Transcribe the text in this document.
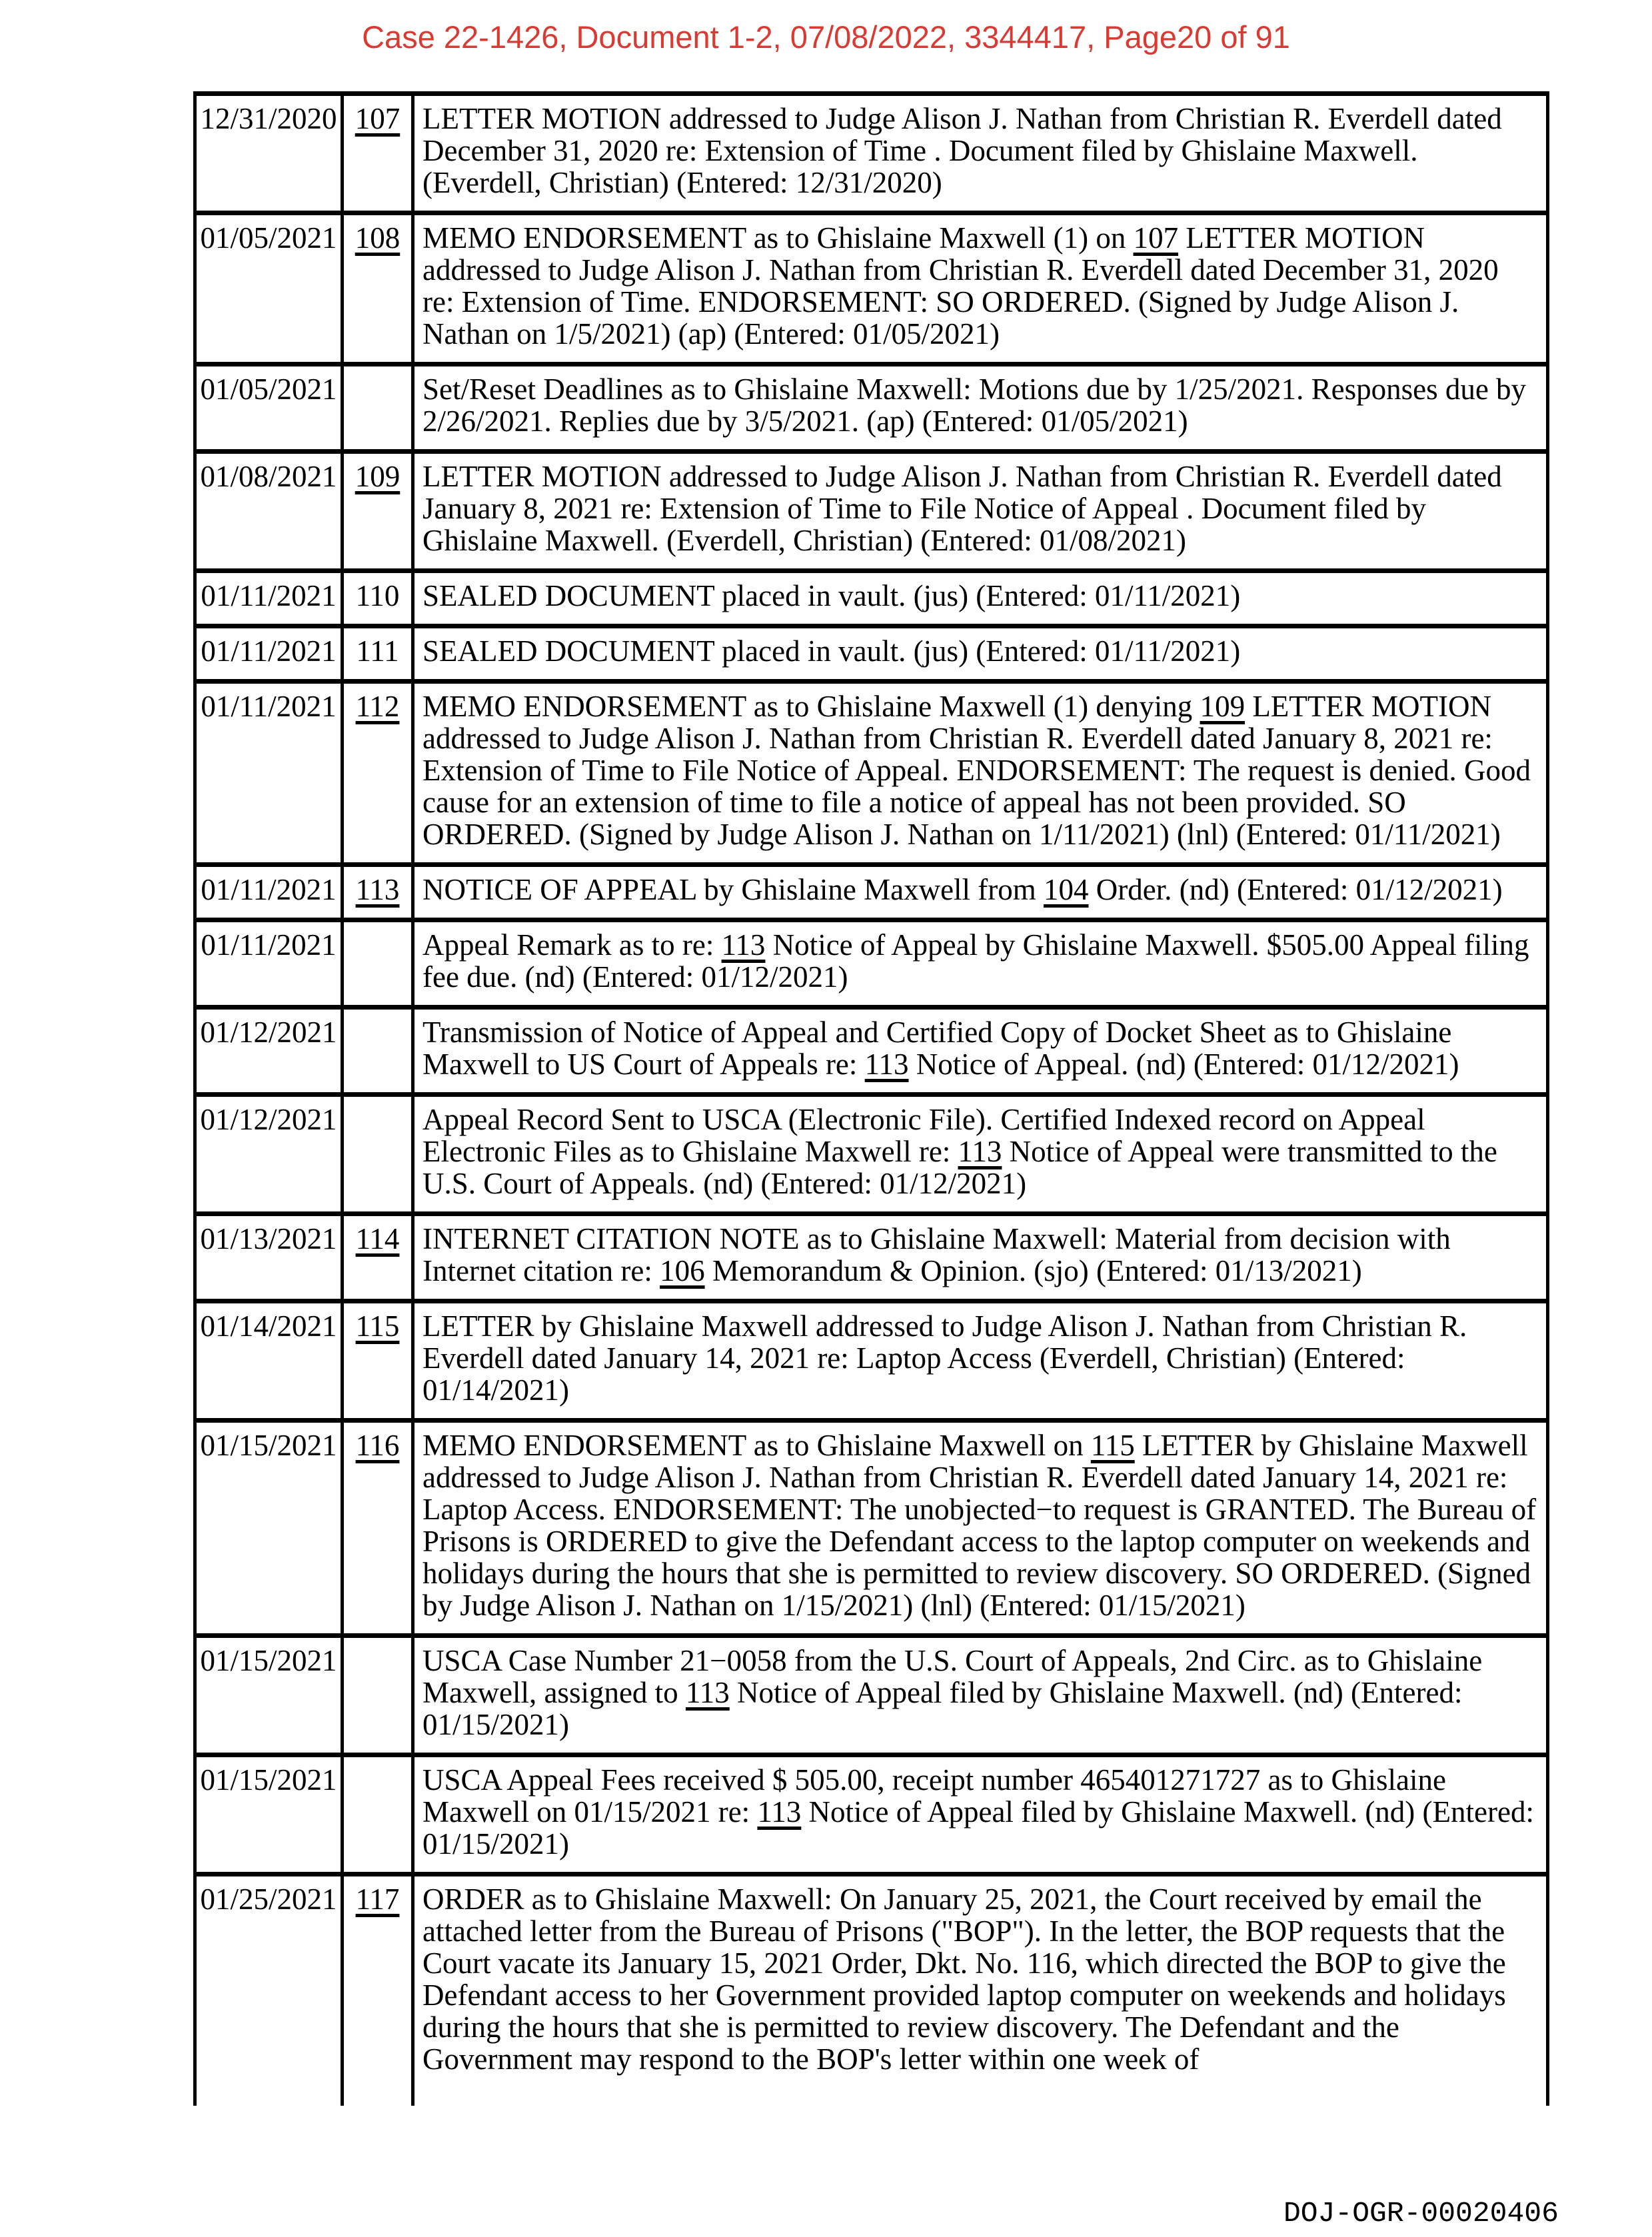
Case 22-1426, Document 1-2, 07/08/2022, 3344417, Page20 of 91
12/31/2020	107	LETTER MOTION addressed to Judge Alison J. Nathan from Christian R. Everdell dated December 31, 2020 re: Extension of Time . Document filed by Ghislaine Maxwell. (Everdell, Christian) (Entered: 12/31/2020)
01/05/2021	108	MEMO ENDORSEMENT as to Ghislaine Maxwell (1) on 107 LETTER MOTION addressed to Judge Alison J. Nathan from Christian R. Everdell dated December 31, 2020 re: Extension of Time. ENDORSEMENT: SO ORDERED. (Signed by Judge Alison J. Nathan on 1/5/2021) (ap) (Entered: 01/05/2021)
01/05/2021		Set/Reset Deadlines as to Ghislaine Maxwell: Motions due by 1/25/2021. Responses due by 2/26/2021. Replies due by 3/5/2021. (ap) (Entered: 01/05/2021)
01/08/2021	109	LETTER MOTION addressed to Judge Alison J. Nathan from Christian R. Everdell dated January 8, 2021 re: Extension of Time to File Notice of Appeal . Document filed by Ghislaine Maxwell. (Everdell, Christian) (Entered: 01/08/2021)
01/11/2021	110	SEALED DOCUMENT placed in vault. (jus) (Entered: 01/11/2021)
01/11/2021	111	SEALED DOCUMENT placed in vault. (jus) (Entered: 01/11/2021)
01/11/2021	112	MEMO ENDORSEMENT as to Ghislaine Maxwell (1) denying 109 LETTER MOTION addressed to Judge Alison J. Nathan from Christian R. Everdell dated January 8, 2021 re: Extension of Time to File Notice of Appeal. ENDORSEMENT: The request is denied. Good cause for an extension of time to file a notice of appeal has not been provided. SO ORDERED. (Signed by Judge Alison J. Nathan on 1/11/2021) (lnl) (Entered: 01/11/2021)
01/11/2021	113	NOTICE OF APPEAL by Ghislaine Maxwell from 104 Order. (nd) (Entered: 01/12/2021)
01/11/2021		Appeal Remark as to re: 113 Notice of Appeal by Ghislaine Maxwell. $505.00 Appeal filing fee due. (nd) (Entered: 01/12/2021)
01/12/2021		Transmission of Notice of Appeal and Certified Copy of Docket Sheet as to Ghislaine Maxwell to US Court of Appeals re: 113 Notice of Appeal. (nd) (Entered: 01/12/2021)
01/12/2021		Appeal Record Sent to USCA (Electronic File). Certified Indexed record on Appeal Electronic Files as to Ghislaine Maxwell re: 113 Notice of Appeal were transmitted to the U.S. Court of Appeals. (nd) (Entered: 01/12/2021)
01/13/2021	114	INTERNET CITATION NOTE as to Ghislaine Maxwell: Material from decision with Internet citation re: 106 Memorandum & Opinion. (sjo) (Entered: 01/13/2021)
01/14/2021	115	LETTER by Ghislaine Maxwell addressed to Judge Alison J. Nathan from Christian R. Everdell dated January 14, 2021 re: Laptop Access (Everdell, Christian) (Entered: 01/14/2021)
01/15/2021	116	MEMO ENDORSEMENT as to Ghislaine Maxwell on 115 LETTER by Ghislaine Maxwell addressed to Judge Alison J. Nathan from Christian R. Everdell dated January 14, 2021 re: Laptop Access. ENDORSEMENT: The unobjected−to request is GRANTED. The Bureau of Prisons is ORDERED to give the Defendant access to the laptop computer on weekends and holidays during the hours that she is permitted to review discovery. SO ORDERED. (Signed by Judge Alison J. Nathan on 1/15/2021) (lnl) (Entered: 01/15/2021)
01/15/2021		USCA Case Number 21−0058 from the U.S. Court of Appeals, 2nd Circ. as to Ghislaine Maxwell, assigned to 113 Notice of Appeal filed by Ghislaine Maxwell. (nd) (Entered: 01/15/2021)
01/15/2021		USCA Appeal Fees received $ 505.00, receipt number 465401271727 as to Ghislaine Maxwell on 01/15/2021 re: 113 Notice of Appeal filed by Ghislaine Maxwell. (nd) (Entered: 01/15/2021)
01/25/2021	117	ORDER as to Ghislaine Maxwell: On January 25, 2021, the Court received by email the attached letter from the Bureau of Prisons ("BOP"). In the letter, the BOP requests that the Court vacate its January 15, 2021 Order, Dkt. No. 116, which directed the BOP to give the Defendant access to her Government provided laptop computer on weekends and holidays during the hours that she is permitted to review discovery. The Defendant and the Government may respond to the BOP's letter within one week of
DOJ-OGR-00020406
